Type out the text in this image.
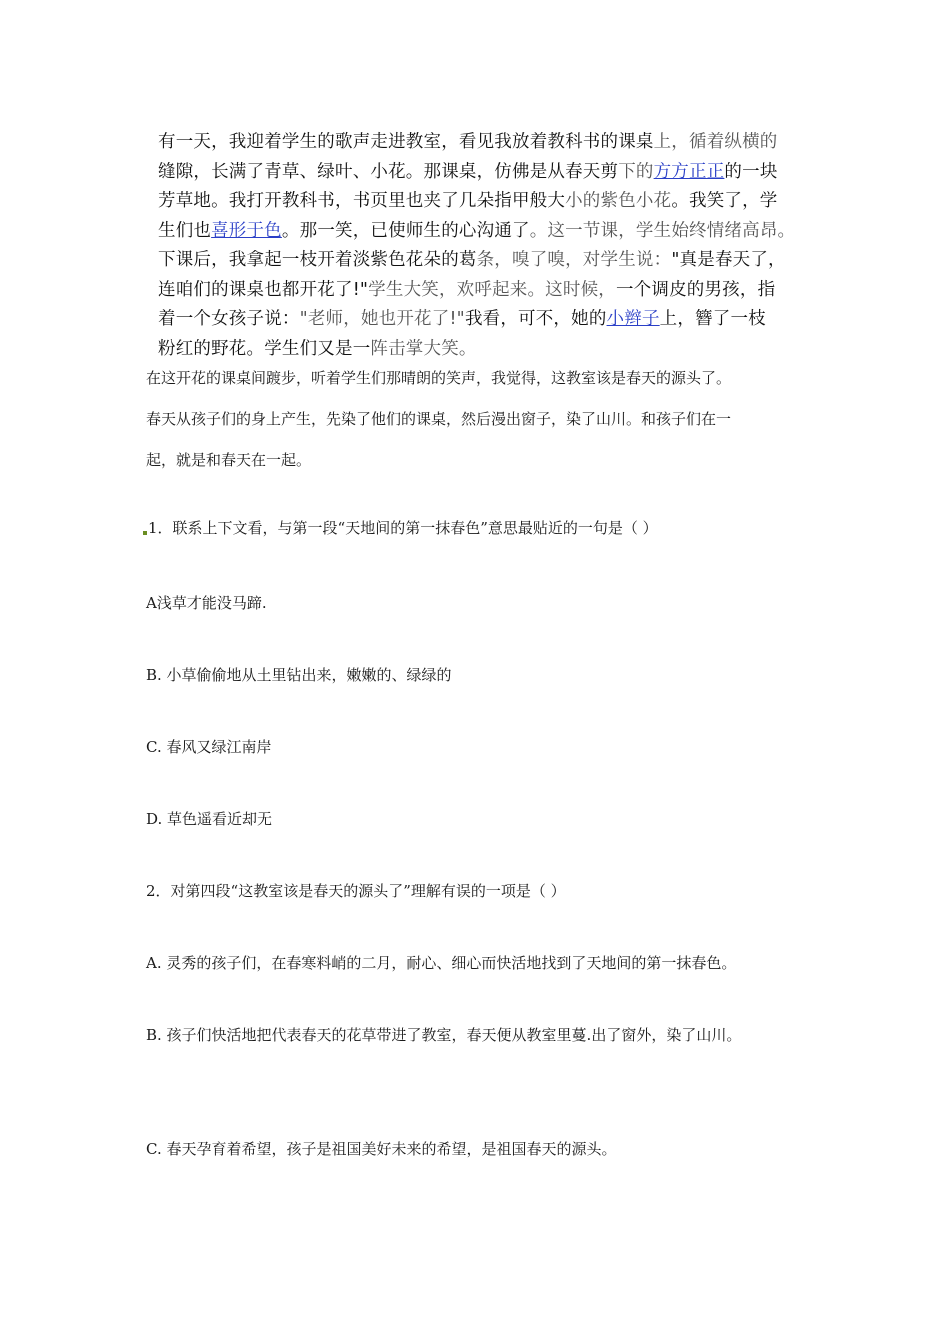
有一天，我迎着学生的歌声走进教室，看见我放着教科书的课桌上，循着纵横的
缝隙，长满了青草、绿叶、小花。那课桌，仿佛是从春天剪下的方方正正的一块
芳草地。我打开教科书，书页里也夹了几朵指甲般大小的紫色小花。我笑了，学
生们也喜形于色。那一笑，已使师生的心沟通了。这一节课，学生始终情绪高昂。
下课后，我拿起一枝开着淡紫色花朵的葛条，嗅了嗅，对学生说："真是春天了，
连咱们的课桌也都开花了!"学生大笑，欢呼起来。这时候，一个调皮的男孩，指
着一个女孩子说："老师，她也开花了!"我看，可不，她的小辫子上，簪了一枝
粉红的野花。学生们又是一阵击掌大笑。
在这开花的课桌间踱步，听着学生们那晴朗的笑声，我觉得，这教室该是春天的源头了。
春天从孩子们的身上产生，先染了他们的课桌，然后漫出窗子，染了山川。和孩子们在一
起，就是和春天在一起。
1．联系上下文看，与第一段“天地间的第一抹春色”意思最贴近的一句是（ ）
A浅草才能没马蹄.
B. 小草偷偷地从土里钻出来，嫩嫩的、绿绿的
C. 春风又绿江南岸
D. 草色遥看近却无
2．对第四段“这教室该是春天的源头了”理解有误的一项是（ ）
A. 灵秀的孩子们，在春寒料峭的二月，耐心、细心而快活地找到了天地间的第一抹春色。
B. 孩子们快活地把代表春天的花草带进了教室，春天便从教室里蔓.出了窗外，染了山川。
C. 春天孕育着希望，孩子是祖国美好未来的希望，是祖国春天的源头。
